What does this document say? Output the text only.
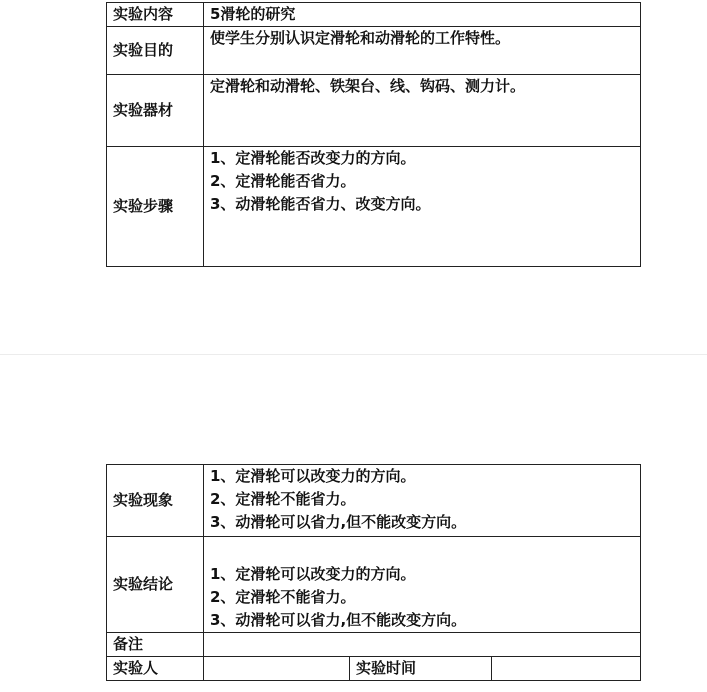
实验内容	5滑轮的研究
实验目的	使学生分别认识定滑轮和动滑轮的工作特性。
实验器材	定滑轮和动滑轮、铁架台、线、钩码、测力计。
实验步骤	1、定滑轮能否改变力的方向。
2、定滑轮能否省力。
3、动滑轮能否省力、改变方向。
实验现象	1、定滑轮可以改变力的方向。
2、定滑轮不能省力。
3、动滑轮可以省力,但不能改变方向。		

实验结论	1、定滑轮可以改变力的方向。
2、定滑轮不能省力。
3、动滑轮可以省力,但不能改变方向。		

备注			
实验人		实验时间	
